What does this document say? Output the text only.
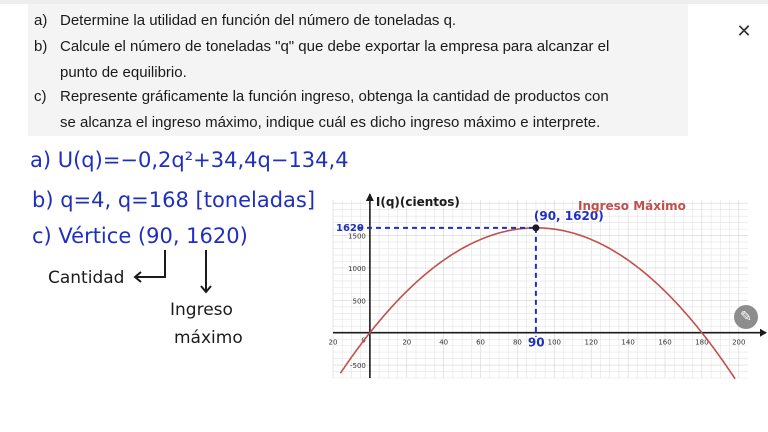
a) Determine la utilidad en función del número de toneladas q.
b) Calcule el número de toneladas "q" que debe exportar la empresa para alcanzar el
punto de equilibrio.
c) Represente gráficamente la función ingreso, obtenga la cantidad de productos con
se alcanza el ingreso máximo, indique cuál es dicho ingreso máximo e interprete.
✕
a) U(q)=−0,2q²+34,4q−134,4
b) q=4, q=168 [toneladas]
c) Vértice (90, 1620)
Cantidad
Ingreso
máximo	20	20	40	60	80	100	120	140	160	180	200
-500
500
1000
1500
0
(90, 1620)
90
1620
I(q)(cientos)	Ingreso Máximo
✎
